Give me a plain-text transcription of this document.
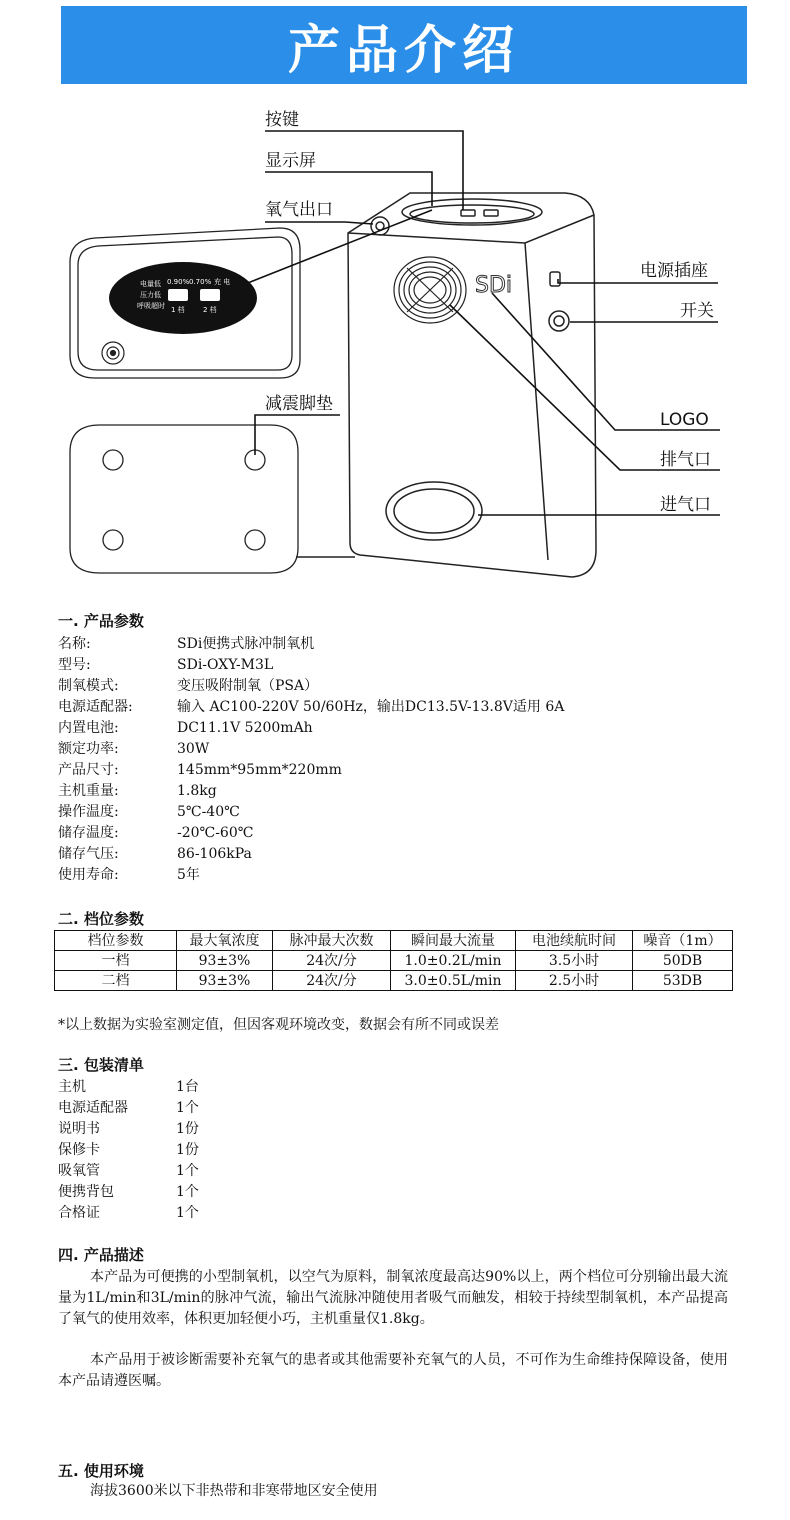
产品介绍
电量低
压力低
呼吸超时
0.90% 0.70% 充 电
1 档	2 档
SDi
按键
显示屏
氧气出口
电源插座
开关
LOGO
排气口
进气口
减震脚垫
一. 产品参数
名称:	SDi便携式脉冲制氧机
型号:	SDi-OXY-M3L
制氧模式:	变压吸附制氧（PSA）
电源适配器:	输入 AC100-220V 50/60Hz，输出DC13.5V-13.8V适用 6A
内置电池:	DC11.1V 5200mAh
额定功率:	30W
产品尺寸:	145mm*95mm*220mm
主机重量:	1.8kg
操作温度:	5℃-40℃
储存温度:	-20℃-60℃
储存气压:	86-106kPa
使用寿命:	5年
二. 档位参数
档位参数	最大氧浓度	脉冲最大次数	瞬间最大流量	电池续航时间	噪音（1m）
一档	93±3%	24次/分	1.0±0.2L/min	3.5小时	50DB
二档	93±3%	24次/分	3.0±0.5L/min	2.5小时	53DB
*以上数据为实验室测定值，但因客观环境改变，数据会有所不同或误差
三. 包装清单
主机	1台
电源适配器	1个
说明书	1份
保修卡	1份
吸氧管	1个
便携背包	1个
合格证	1个
四. 产品描述
本产品为可便携的小型制氧机，以空气为原料，制氧浓度最高达90%以上，两个档位可分别输出最大流量为1L/min和3L/min的脉冲气流，输出气流脉冲随使用者吸气而触发，相较于持续型制氧机，本产品提高了氧气的使用效率，体积更加轻便小巧，主机重量仅1.8kg。
本产品用于被诊断需要补充氧气的患者或其他需要补充氧气的人员，不可作为生命维持保障设备，使用本产品请遵医嘱。
五. 使用环境
海拔3600米以下非热带和非寒带地区安全使用
